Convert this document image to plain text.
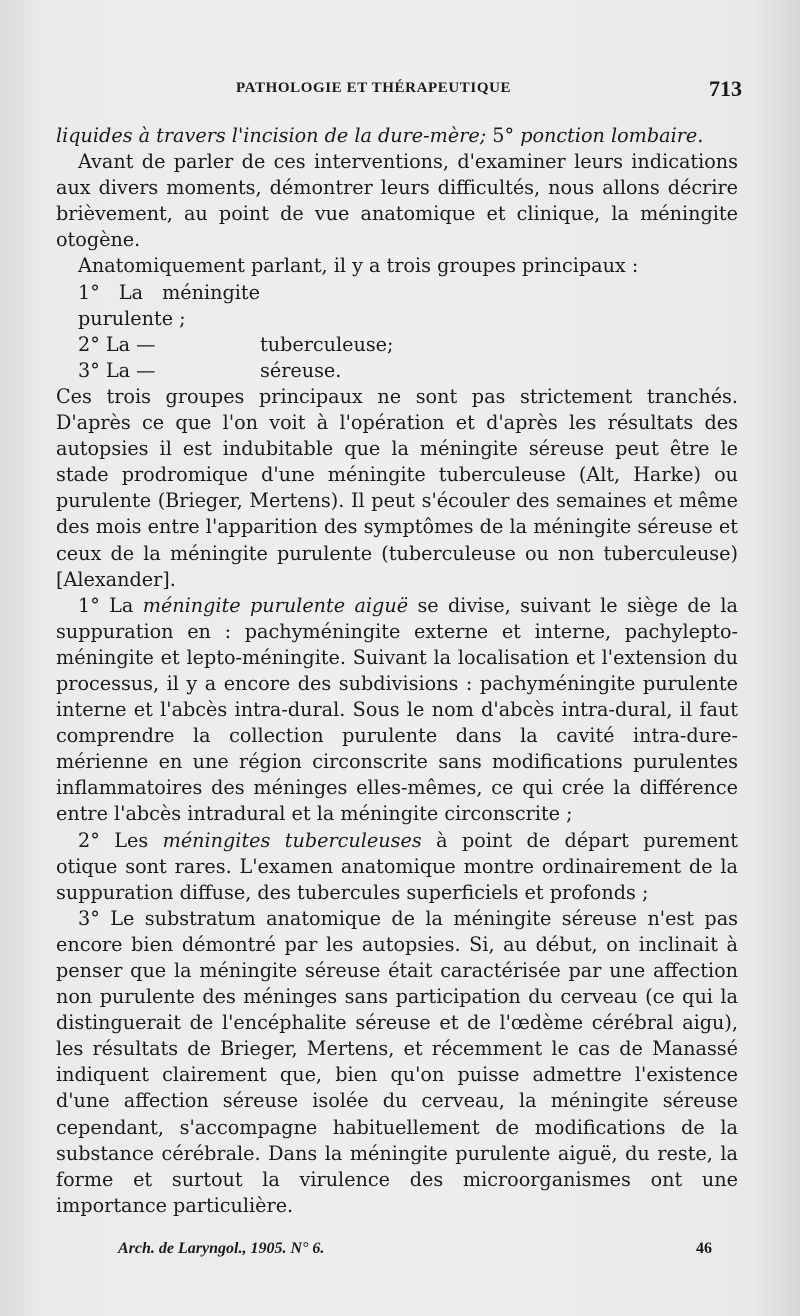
PATHOLOGIE ET THÉRAPEUTIQUE	713

liquides à travers l'incision de la dure-mère; 5° ponction lombaire.

Avant de parler de ces interventions, d'examiner leurs indications aux divers moments, démontrer leurs difficultés, nous allons décrire brièvement, au point de vue anatomique et clinique, la méningite otogène.

Anatomiquement parlant, il y a trois groupes principaux :

1° La méningite purulente ;

2° La —	tuberculeuse;

3° La —	séreuse.

Ces trois groupes principaux ne sont pas strictement tranchés. D'après ce que l'on voit à l'opération et d'après les résultats des autopsies il est indubitable que la méningite séreuse peut être le stade prodromique d'une méningite tuberculeuse (Alt, Harke) ou purulente (Brieger, Mertens). Il peut s'écouler des semaines et même des mois entre l'apparition des symptômes de la méningite séreuse et ceux de la méningite purulente (tuberculeuse ou non tuberculeuse) [Alexander].

1° La méningite purulente aiguë se divise, suivant le siège de la suppuration en : pachyméningite externe et interne, pachylepto-méningite et lepto-méningite. Suivant la localisation et l'extension du processus, il y a encore des subdivisions : pachyméningite purulente interne et l'abcès intra-dural. Sous le nom d'abcès intra-dural, il faut comprendre la collection purulente dans la cavité intra-dure-mérienne en une région circonscrite sans modifications purulentes inflammatoires des méninges elles-mêmes, ce qui crée la différence entre l'abcès intradural et la méningite circonscrite ;

2° Les méningites tuberculeuses à point de départ purement otique sont rares. L'examen anatomique montre ordinairement de la suppuration diffuse, des tubercules superficiels et profonds ;

3° Le substratum anatomique de la méningite séreuse n'est pas encore bien démontré par les autopsies. Si, au début, on inclinait à penser que la méningite séreuse était caractérisée par une affection non purulente des méninges sans participation du cerveau (ce qui la distinguerait de l'encéphalite séreuse et de l'œdème cérébral aigu), les résultats de Brieger, Mertens, et récemment le cas de Manassé indiquent clairement que, bien qu'on puisse admettre l'existence d'une affection séreuse isolée du cerveau, la méningite séreuse cependant, s'accompagne habituellement de modifications de la substance cérébrale. Dans la méningite purulente aiguë, du reste, la forme et surtout la virulence des microorganismes ont une importance particulière.

Arch. de Laryngol., 1905. N° 6.	46
